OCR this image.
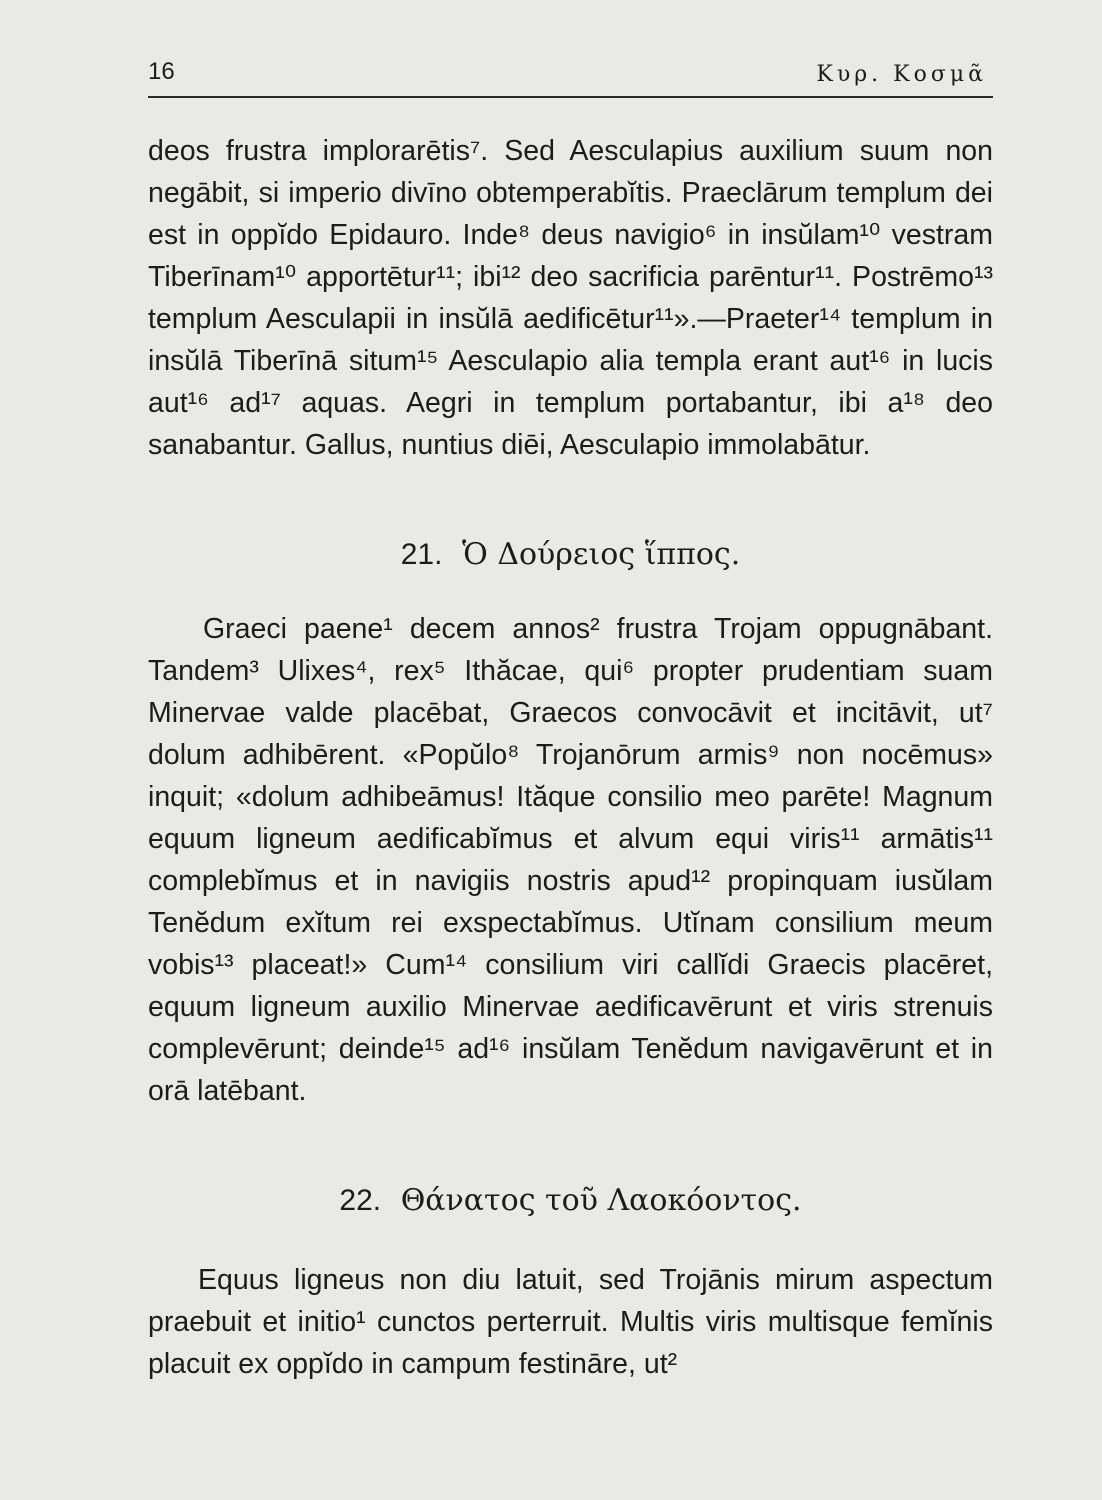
16	Κυρ. Κοσμᾶ
deos frustra implorarētis⁷. Sed Aesculapius auxilium suum non negābit, si imperio divīno obtemperabĭtis. Praeclārum templum dei est in oppĭdo Epidauro. Inde⁸ deus navigio⁶ in insŭlam¹⁰ vestram Tiberīnam¹⁰ apportētur¹¹; ibi¹² deo sacrificia parēntur¹¹. Postrēmo¹³ templum Aesculapii in insŭlā aedificētur¹¹».—Praeter¹⁴ templum in insŭlā Tiberīnā situm¹⁵ Aesculapio alia templa erant aut¹⁶ in lucis aut¹⁶ ad¹⁷ aquas. Aegri in templum portabantur, ibi a¹⁸ deo sanabantur. Gallus, nuntius diēi, Aesculapio immolabātur.
21. Ὁ Δούρειος ἵππος.
Graeci paene¹ decem annos² frustra Trojam oppugnābant. Tandem³ Ulixes⁴, rex⁵ Ithăcae, qui⁶ propter prudentiam suam Minervae valde placēbat, Graecos convocāvit et incitāvit, ut⁷ dolum adhibērent. «Popŭlo⁸ Trojanōrum armis⁹ non nocēmus» inquit; «dolum adhibeāmus! Ităque consilio meo parēte! Magnum equum ligneum aedificabĭmus et alvum equi viris¹¹ armātis¹¹ complebĭmus et in navigiis nostris apud¹² propinquam iusŭlam Tenĕdum exĭtum rei exspectabĭmus. Utĭnam consilium meum vobis¹³ placeat!» Cum¹⁴ consilium viri callĭdi Graecis placēret, equum ligneum auxilio Minervae aedificavērunt et viris strenuis complevērunt; deinde¹⁵ ad¹⁶ insŭlam Tenĕdum navigavērunt et in orā latēbant.
22. Θάνατος τοῦ Λαοκόοντος.
Equus ligneus non diu latuit, sed Trojānis mirum aspectum praebuit et initio¹ cunctos perterruit. Multis viris multisque femĭnis placuit ex oppĭdo in campum festināre, ut²
